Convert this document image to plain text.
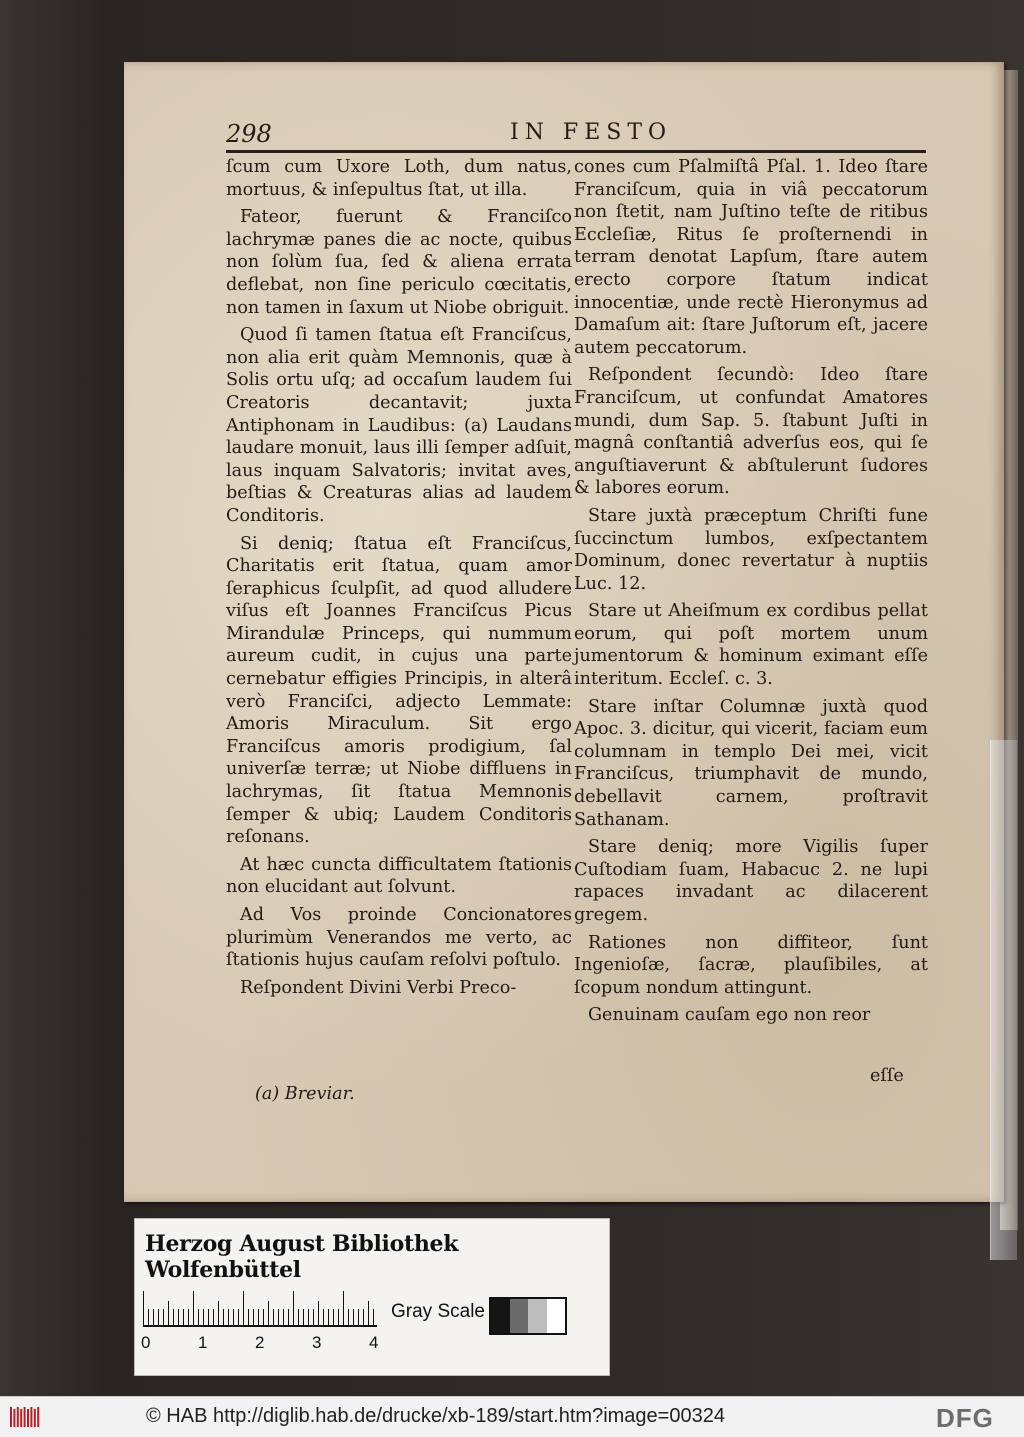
298	IN FESTO

ſcum cum Uxore Loth, dum natus, mortuus, & inſepultus ſtat, ut illa.

Fateor, fuerunt & Franciſco lachrymæ panes die ac nocte, quibus non ſolùm ſua, ſed & aliena errata deflebat, non ſine periculo cœcitatis, non tamen in ſaxum ut Niobe obriguit.

Quod ſi tamen ſtatua eſt Franciſcus, non alia erit quàm Memnonis, quæ à Solis ortu uſq; ad occaſum laudem ſui Creatoris decantavit; juxta Antiphonam in Laudibus: (a) Laudans laudare monuit, laus illi ſemper adſuit, laus inquam Salvatoris; invitat aves, beſtias & Creaturas alias ad laudem Conditoris.

Si deniq; ſtatua eſt Franciſcus, Charitatis erit ſtatua, quam amor ſeraphicus ſculpſit, ad quod alludere viſus eſt Joannes Franciſcus Picus Mirandulæ Princeps, qui nummum aureum cudit, in cujus una parte cernebatur effigies Principis, in alterâ verò Franciſci, adjecto Lemmate: Amoris Miraculum. Sit ergo Franciſcus amoris prodigium, ſal univerſæ terræ; ut Niobe diffluens in lachrymas, ſit ſtatua Memnonis ſemper & ubiq; Laudem Conditoris reſonans.

At hæc cuncta difficultatem ſtationis non elucidant aut ſolvunt.

Ad Vos proinde Concionatores plurimùm Venerandos me verto, ac ſtationis hujus cauſam reſolvi poſtulo.

Reſpondent Divini Verbi Preco-

cones cum Pſalmiſtâ Pſal. 1. Ideo ſtare Franciſcum, quia in viâ peccatorum non ſtetit, nam Juſtino teſte de ritibus Eccleſiæ, Ritus ſe proſternendi in terram denotat Lapſum, ſtare autem erecto corpore ſtatum indicat innocentiæ, unde rectè Hieronymus ad Damaſum ait: ſtare Juſtorum eſt, jacere autem peccatorum.

Reſpondent ſecundò: Ideo ſtare Franciſcum, ut confundat Amatores mundi, dum Sap. 5. ſtabunt Juſti in magnâ conſtantiâ adverſus eos, qui ſe anguſtiaverunt & abſtulerunt ſudores & labores eorum.

Stare juxtà præceptum Chriſti fune ſuccinctum lumbos, exſpectantem Dominum, donec revertatur à nuptiis Luc. 12.

Stare ut Aheiſmum ex cordibus pellat eorum, qui poſt mortem unum jumentorum & hominum eximant eſſe interitum. Eccleſ. c. 3.

Stare inſtar Columnæ juxtà quod Apoc. 3. dicitur, qui vicerit, faciam eum columnam in templo Dei mei, vicit Franciſcus, triumphavit de mundo, debellavit carnem, proſtravit Sathanam.

Stare deniq; more Vigilis ſuper Cuſtodiam ſuam, Habacuc 2. ne lupi rapaces invadant ac dilacerent gregem.

Rationes non diffiteor, ſunt Ingenioſæ, ſacræ, plauſibiles, at ſcopum nondum attingunt.

Genuinam cauſam ego non reor

eſſe
(a) Breviar.
Herzog August Bibliothek Wolfenbüttel
0	1	2	3	4
Gray Scale
© HAB http://diglib.hab.de/drucke/xb-189/start.htm?image=00324	DFG
